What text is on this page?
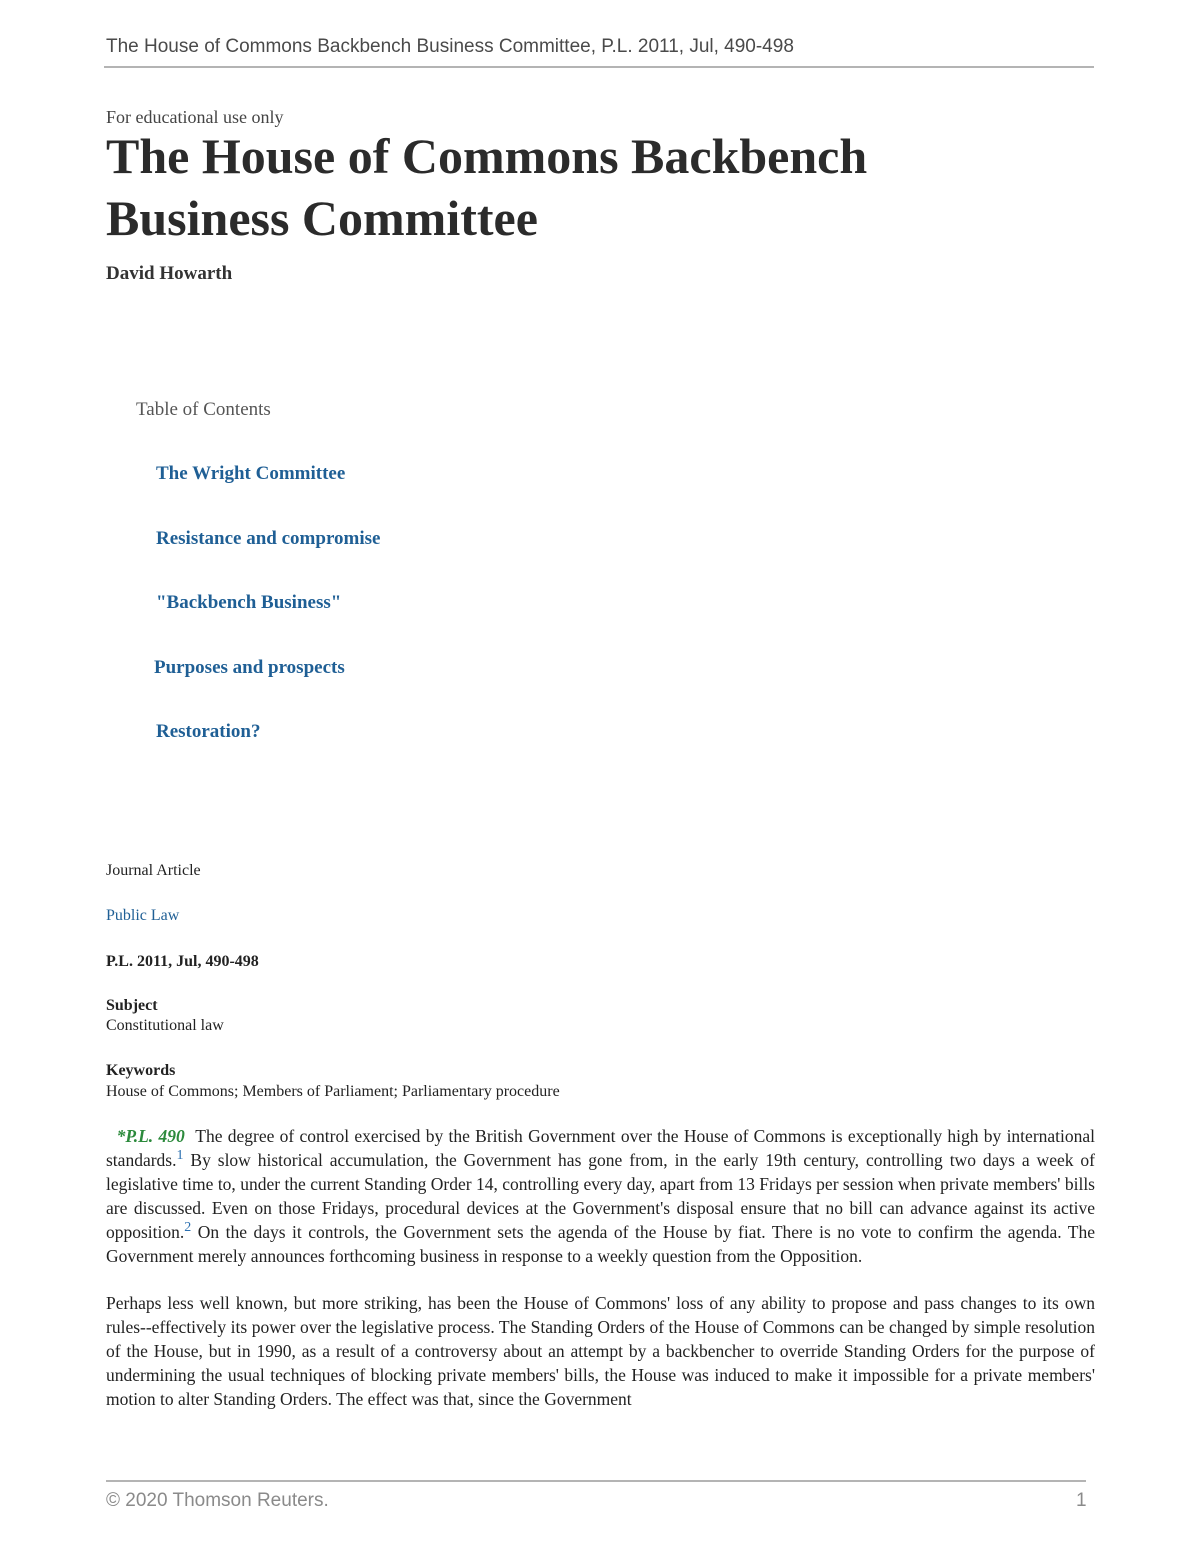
The House of Commons Backbench Business Committee, P.L. 2011, Jul, 490-498
For educational use only
The House of Commons Backbench
Business Committee
David Howarth
Table of Contents
The Wright Committee
Resistance and compromise
"Backbench Business"
Purposes and prospects
Restoration?
Journal Article
Public Law
P.L. 2011, Jul, 490-498
Subject
Constitutional law
Keywords
House of Commons; Members of Parliament; Parliamentary procedure

*P.L. 490 The degree of control exercised by the British Government over the House of Commons is exceptionally high by international standards.$^1$ By slow historical accumulation, the Government has gone from, in the early 19th century, controlling two days a week of legislative time to, under the current Standing Order 14, controlling every day, apart from 13 Fridays per session when private members' bills are discussed. Even on those Fridays, procedural devices at the Government's disposal ensure that no bill can advance against its active opposition.$^2$ On the days it controls, the Government sets the agenda of the House by fiat. There is no vote to confirm the agenda. The Government merely announces forthcoming business in response to a weekly question from the Opposition.

Perhaps less well known, but more striking, has been the House of Commons' loss of any ability to propose and pass changes to its own rules--effectively its power over the legislative process. The Standing Orders of the House of Commons can be changed by simple resolution of the House, but in 1990, as a result of a controversy about an attempt by a backbencher to override Standing Orders for the purpose of undermining the usual techniques of blocking private members' bills, the House was induced to make it impossible for a private members' motion to alter Standing Orders. The effect was that, since the Government

© 2020 Thomson Reuters.	1
